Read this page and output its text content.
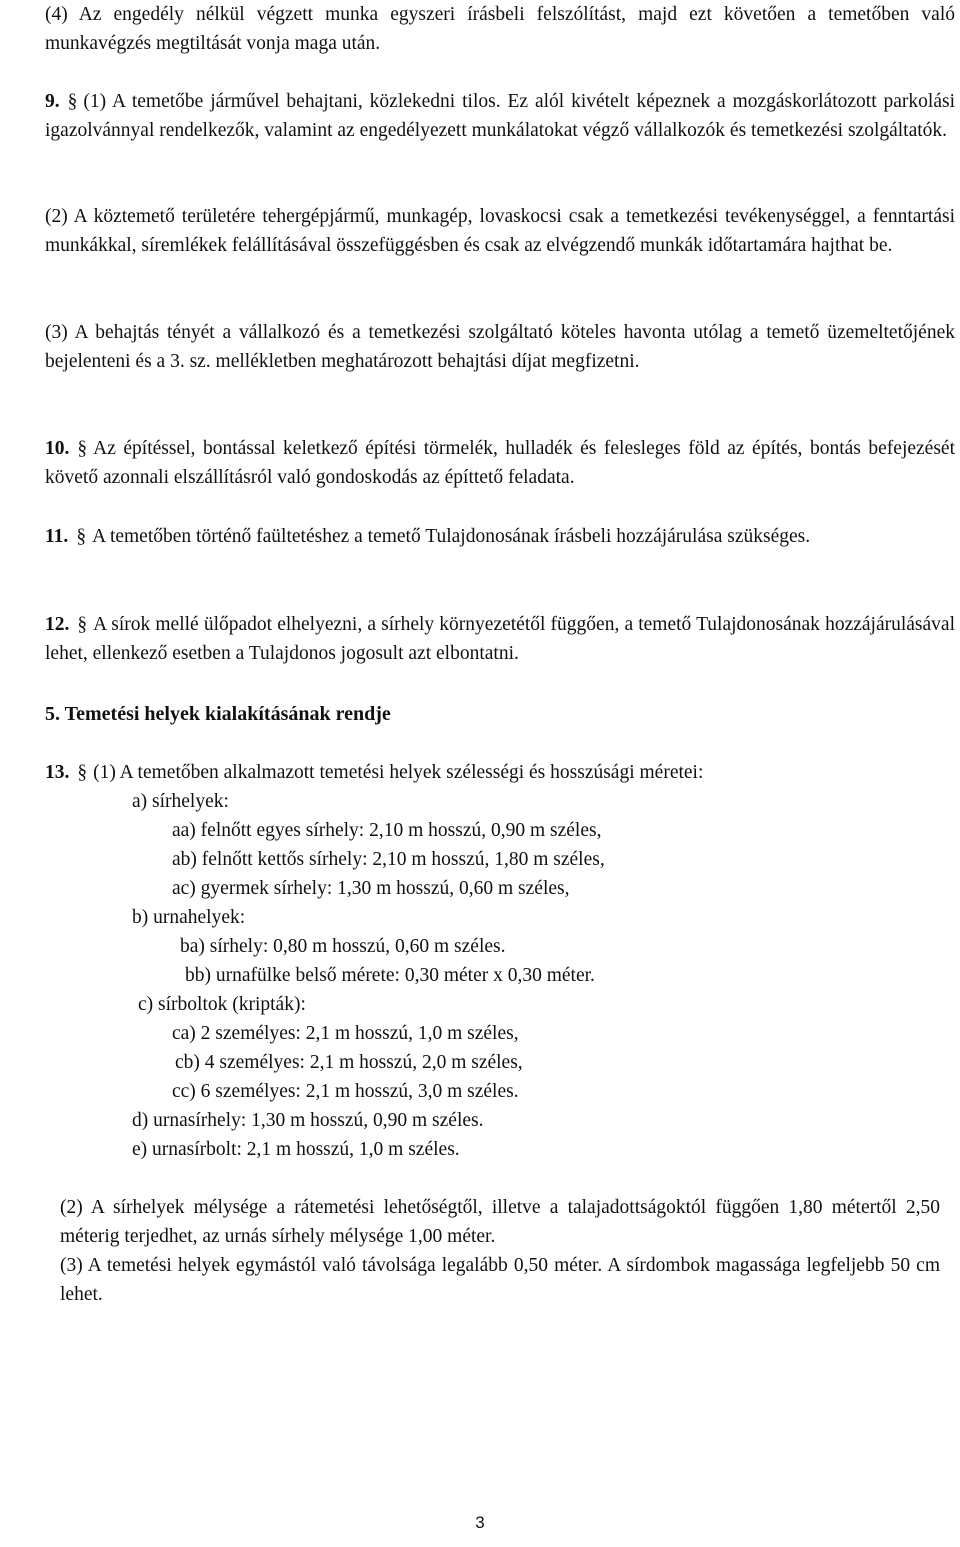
(4) Az engedély nélkül végzett munka egyszeri írásbeli felszólítást, majd ezt követően a temetőben való munkavégzés megtiltását vonja maga után.
9. § (1) A temetőbe járművel behajtani, közlekedni tilos. Ez alól kivételt képeznek a mozgáskorlátozott parkolási igazolvánnyal rendelkezők, valamint az engedélyezett munkálatokat végző vállalkozók és temetkezési szolgáltatók.
(2) A köztemető területére tehergépjármű, munkagép, lovaskocsi csak a temetkezési tevékenységgel, a fenntartási munkákkal, síremlékek felállításával összefüggésben és csak az elvégzendő munkák időtartamára hajthat be.
(3) A behajtás tényét a vállalkozó és a temetkezési szolgáltató köteles havonta utólag a temető üzemeltetőjének bejelenteni és a 3. sz. mellékletben meghatározott behajtási díjat megfizetni.
10. § Az építéssel, bontással keletkező építési törmelék, hulladék és felesleges föld az építés, bontás befejezését követő azonnali elszállításról való gondoskodás az építtető feladata.
11. § A temetőben történő faültetéshez a temető Tulajdonosának írásbeli hozzájárulása szükséges.
12. § A sírok mellé ülőpadot elhelyezni, a sírhely környezetétől függően, a temető Tulajdonosának hozzájárulásával lehet, ellenkező esetben a Tulajdonos jogosult azt elbontatni.
5. Temetési helyek kialakításának rendje
13. § (1) A temetőben alkalmazott temetési helyek szélességi és hosszúsági méretei:
a) sírhelyek:
aa) felnőtt egyes sírhely: 2,10 m hosszú, 0,90 m széles,
ab) felnőtt kettős sírhely: 2,10 m hosszú, 1,80 m széles,
ac) gyermek sírhely: 1,30 m hosszú, 0,60 m széles,
b) urnahelyek:
ba) sírhely: 0,80 m hosszú, 0,60 m széles.
bb) urnafülke belső mérete: 0,30 méter x 0,30 méter.
c) sírboltok (kripták):
ca) 2 személyes: 2,1 m hosszú, 1,0 m széles,
cb) 4 személyes: 2,1 m hosszú, 2,0 m széles,
cc) 6 személyes: 2,1 m hosszú, 3,0 m széles.
d) urnasírhely: 1,30 m hosszú, 0,90 m széles.
e) urnasírbolt: 2,1 m hosszú, 1,0 m széles.
(2) A sírhelyek mélysége a rátemetési lehetőségtől, illetve a talajadottságoktól függően 1,80 métertől 2,50 méterig terjedhet, az urnás sírhely mélysége 1,00 méter.
(3) A temetési helyek egymástól való távolsága legalább 0,50 méter. A sírdombok magassága legfeljebb 50 cm lehet.
3
